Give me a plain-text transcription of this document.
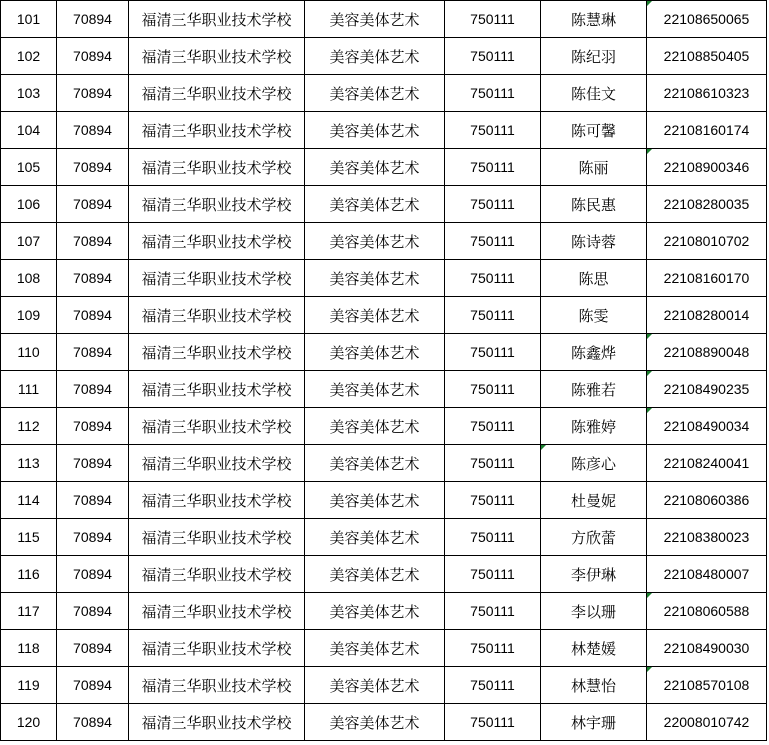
101	70894	福清三华职业技术学校	美容美体艺术	750111	陈慧琳	22108650065
102	70894	福清三华职业技术学校	美容美体艺术	750111	陈纪羽	22108850405
103	70894	福清三华职业技术学校	美容美体艺术	750111	陈佳文	22108610323
104	70894	福清三华职业技术学校	美容美体艺术	750111	陈可馨	22108160174
105	70894	福清三华职业技术学校	美容美体艺术	750111	陈丽	22108900346
106	70894	福清三华职业技术学校	美容美体艺术	750111	陈民惠	22108280035
107	70894	福清三华职业技术学校	美容美体艺术	750111	陈诗蓉	22108010702
108	70894	福清三华职业技术学校	美容美体艺术	750111	陈思	22108160170
109	70894	福清三华职业技术学校	美容美体艺术	750111	陈雯	22108280014
110	70894	福清三华职业技术学校	美容美体艺术	750111	陈鑫烨	22108890048
111	70894	福清三华职业技术学校	美容美体艺术	750111	陈雅若	22108490235
112	70894	福清三华职业技术学校	美容美体艺术	750111	陈雅婷	22108490034
113	70894	福清三华职业技术学校	美容美体艺术	750111	陈彦心	22108240041
114	70894	福清三华职业技术学校	美容美体艺术	750111	杜曼妮	22108060386
115	70894	福清三华职业技术学校	美容美体艺术	750111	方欣蕾	22108380023
116	70894	福清三华职业技术学校	美容美体艺术	750111	李伊琳	22108480007
117	70894	福清三华职业技术学校	美容美体艺术	750111	李以珊	22108060588
118	70894	福清三华职业技术学校	美容美体艺术	750111	林楚媛	22108490030
119	70894	福清三华职业技术学校	美容美体艺术	750111	林慧怡	22108570108
120	70894	福清三华职业技术学校	美容美体艺术	750111	林宇珊	22008010742
